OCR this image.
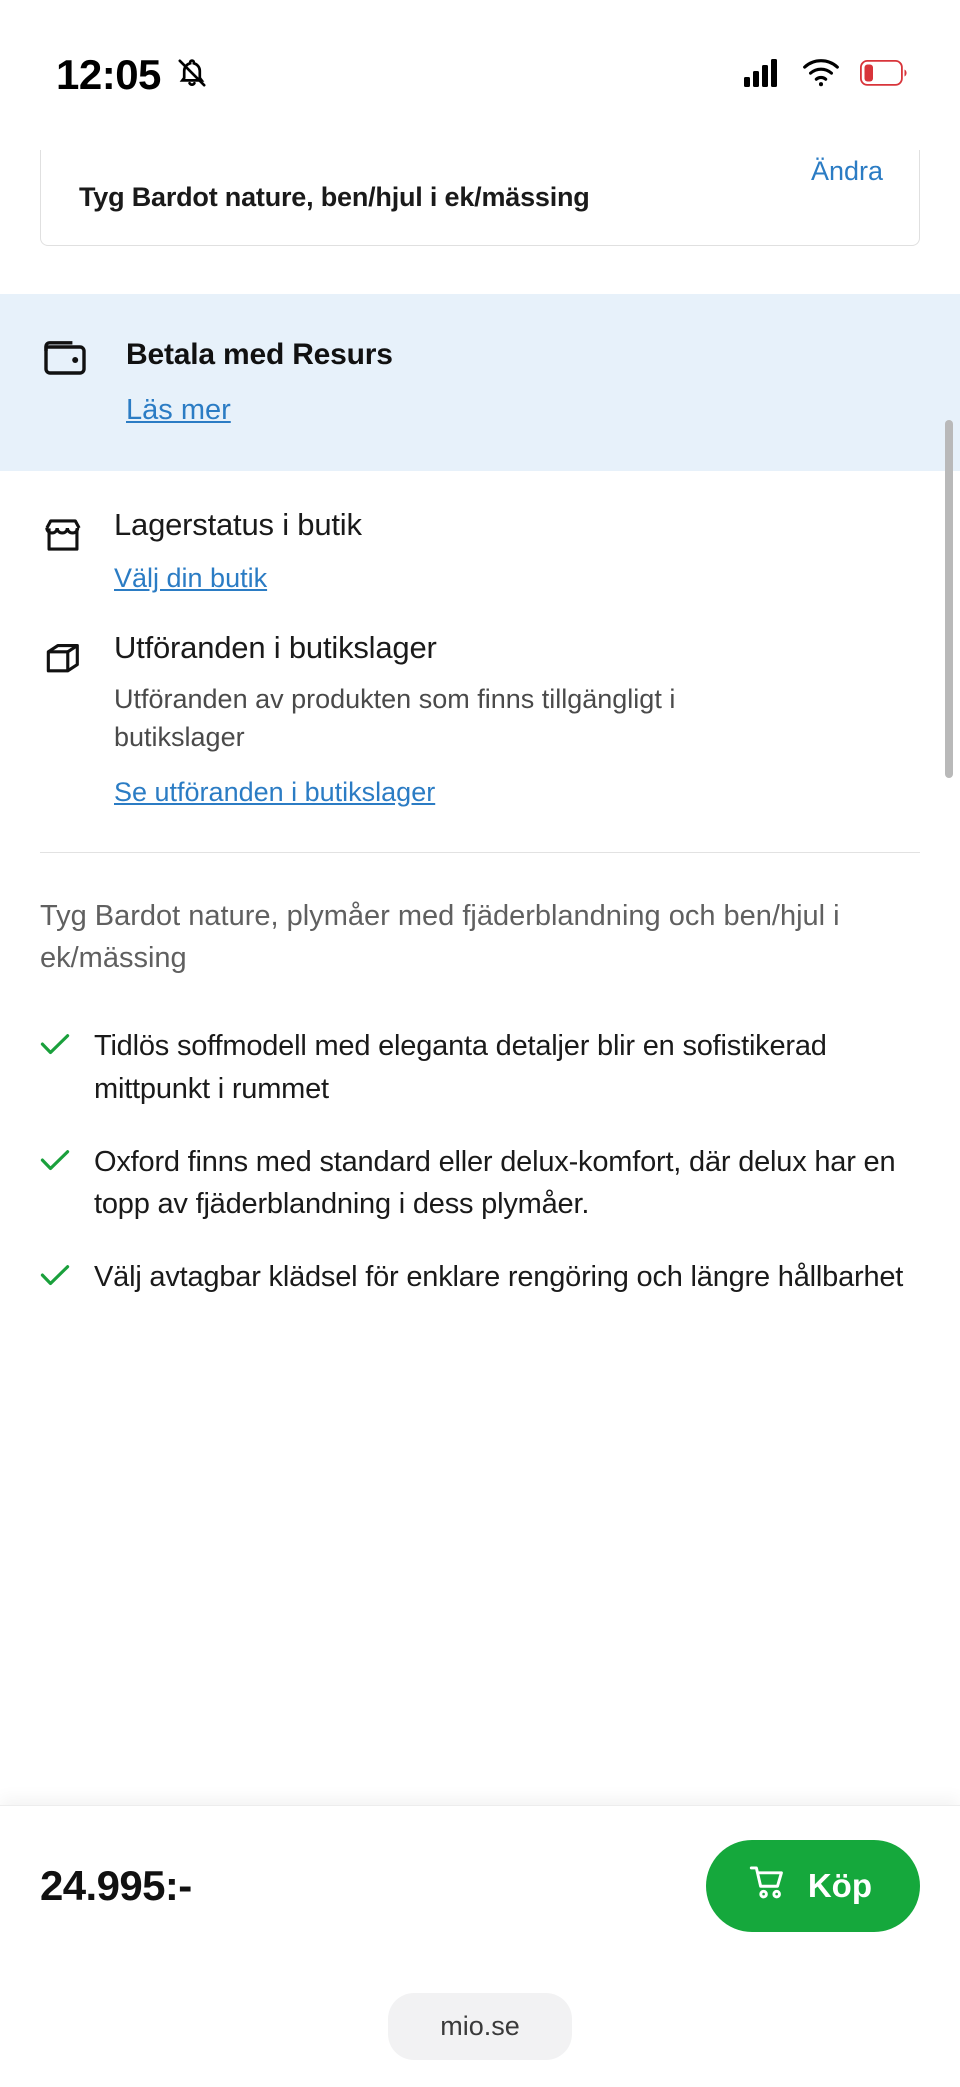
12:05
Tyg Bardot nature, ben/hjul i ek/mässing
Ändra
Betala med Resurs
Läs mer
Lagerstatus i butik
Välj din butik
Utföranden i butikslager
Utföranden av produkten som finns tillgängligt i butikslager
Se utföranden i butikslager
Tyg Bardot nature, plymåer med fjäderblandning och ben/hjul i ek/mässing
Tidlös soffmodell med eleganta detaljer blir en sofistikerad mittpunkt i rummet
Oxford finns med standard eller delux-komfort, där delux har en topp av fjäderblandning i dess plymåer.
Välj avtagbar klädsel för enklare rengöring och längre hållbarhet
24.995:-	Köp
mio.se
